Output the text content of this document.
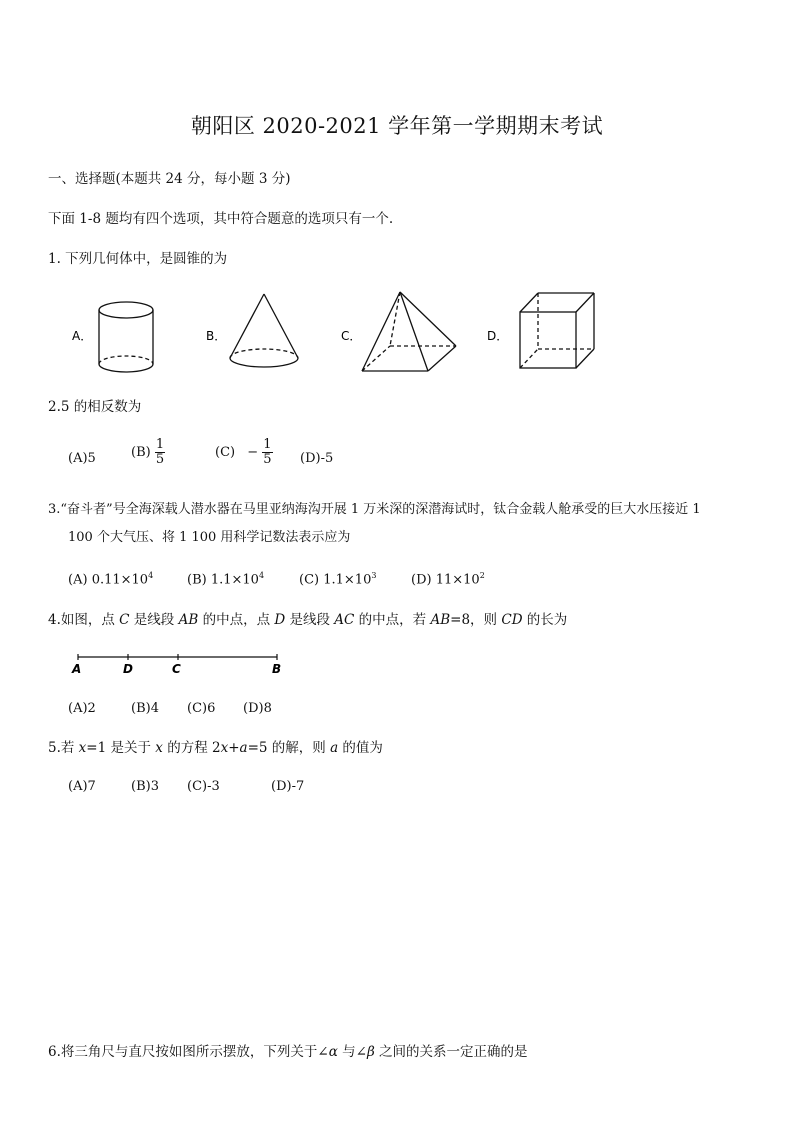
朝阳区 2020-2021 学年第一学期期末考试
一、选择题(本题共 24 分，每小题 3 分)
下面 1-8 题均有四个选项，其中符合题意的选项只有一个.
1. 下列几何体中，是圆锥的为
A．	B．	C．	D．
2.5 的相反数为
(A)5	$(B) \frac{1}{5}$	$(C) - \frac{1}{5} (D)-5$
3.“奋斗者”号全海深载人潜水器在马里亚纳海沟开展 1 万米深的深潜海试时，钛合金载人舱承受的巨大水压接近 1
100 个大气压、将 1 100 用科学记数法表示应为
(A) $0.11\times 10^4$	(B) $1.1\times 10^4$	(C) $1.1\times 10^3$	(D) $11\times 10^2$
4.如图，点 C 是线段 AB 的中点，点 D 是线段 AC 的中点，若 AB=8，则 CD 的长为
A	D	C	B
(A)2	(B)4 (C)6 (D)8
5.若 x=1 是关于 x 的方程 2x+a=5 的解，则 a 的值为
(A)7	(B)3 (C)-3	(D)-7
6.将三角尺与直尺按如图所示摆放，下列关于∠α 与∠β 之间的关系一定正确的是
